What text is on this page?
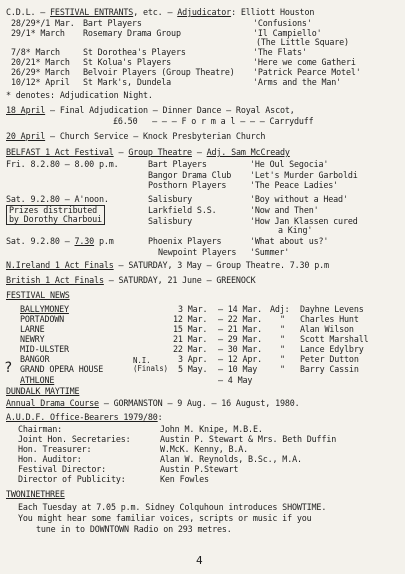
C.D.L. – FESTIVAL ENTRANTS, etc. – Adjudicator: Elliott Houston
28/29*/1 Mar. Bart Players	'Confusions'
29/1* March Rosemary Drama Group	'Il Campiello'
(The Little Square)
7/8* March	St Dorothea's Players	'The Flats'
20/21* March St Kolua's Players	'Here we come Gatheri
26/29* March Belvoir Players (Group Theatre) 'Patrick Pearce Motel'
10/12* April St Mark's, Dundela	'Arms and the Man'
* denotes: Adjudication Night.
18 April – Final Adjudication – Dinner Dance – Royal Ascot,
£6.50   – – – F o r m a l – – – Carryduff
20 April – Church Service – Knock Presbyterian Church
BELFAST 1 Act Festival – Group Theatre – Adj. Sam McCready
Fri. 8.2.80 – 8.00 p.m.	Bart Players	'He Oul Segocia'
Bangor Drama Club 'Let's Murder Garboldi
Posthorn Players	'The Peace Ladies'
Sat. 9.2.80 – A'noon.	Salisbury	'Boy without a Head'
Larkfield S.S.	'Now and Then'
Salisbury	'How Jan Klassen cured
a King'
Prizes distributed
by Dorothy Charboui
Sat. 9.2.80 – 7.30 p.m	Phoenix Players	'What about us?'
Newpoint Players 'Summer'
N.Ireland 1 Act Finals – SATURDAY, 3 May – Group Theatre. 7.30 p.m
British 1 Act Finals – SATURDAY, 21 June – GREENOCK
FESTIVAL NEWS
BALLYMONEY	3 Mar. – 14 Mar. Adj: Dayhne Levens
PORTADOWN	12 Mar. – 22 Mar. " Charles Hunt
LARNE	15 Mar. – 21 Mar. " Alan Wilson
NEWRY	21 Mar. – 29 Mar. " Scott Marshall
MID-ULSTER	22 Mar. – 30 Mar. " Lance Edylbry
BANGOR	3 Apr. – 12 Apr. " Peter Dutton
GRAND OPERA HOUSE	5 May. – 10 May	" Barry Cassin
ATHLONE	– 4 May
DUNDALK MAYTIME
N.I.
(Finals)
?
Annual Drama Course – GORMANSTON – 9 Aug. – 16 August, 1980.
A.U.D.F. Office-Bearers 1979/80:
Chairman:	John M. Knipe, M.B.E.
Joint Hon. Secretaries:	Austin P. Stewart & Mrs. Beth Duffin
Hon. Treasurer:	W.McK. Kenny, B.A.
Hon. Auditor:	Alan W. Reynolds, B.Sc., M.A.
Festival Director:	Austin P.Stewart
Director of Publicity:	Ken Fowles
TWONINETHREE
Each Tuesday at 7.05 p.m. Sidney Colquhoun introduces SHOWTIME.
You might hear some familiar voices, scripts or music if you
tune in to DOWNTOWN Radio on 293 metres.
4
